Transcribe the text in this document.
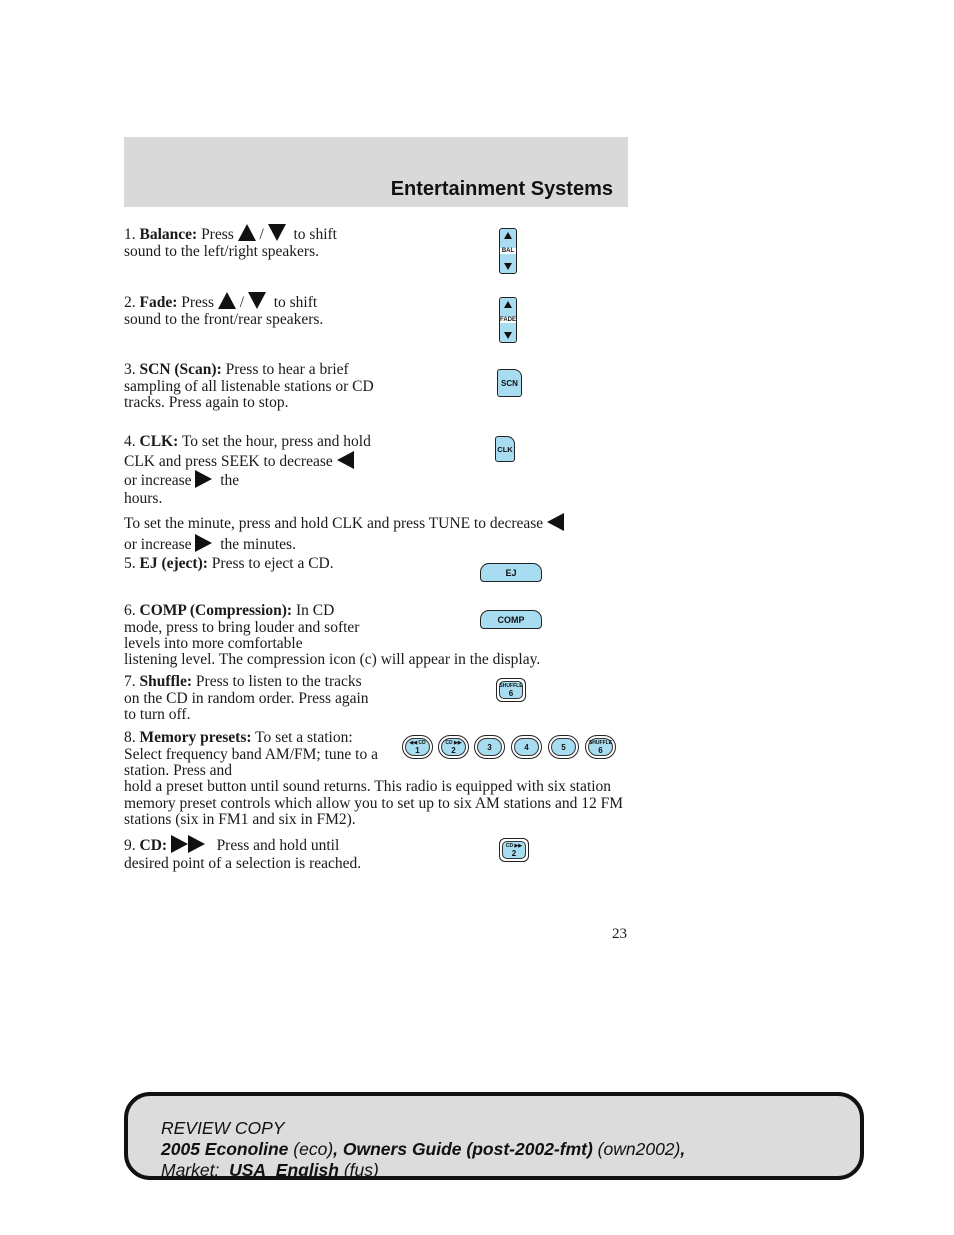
Entertainment Systems
1. Balance: Press / to shift
sound to the left/right speakers.	BAL
2. Fade: Press / to shift
sound to the front/rear speakers.	FADE
3. SCN (Scan): Press to hear a brief sampling of all listenable stations or CD tracks. Press again to stop.
SCN
4. CLK: To set the hour, press and hold CLK and press SEEK to decrease   or increase the
hours.
CLK
To set the minute, press and hold CLK and press TUNE to decrease
or increase the minutes.
5. EJ (eject): Press to eject a CD.
EJ
6. COMP (Compression): In CD mode, press to bring louder and softer levels into more comfortable
listening level. The compression icon (c) will appear in the display.
COMP
7. Shuffle: Press to listen to the tracks on the CD in random order. Press again to turn off.
SHUFFLE
6
8. Memory presets: To set a station: Select frequency band AM/FM; tune to a station. Press and
hold a preset button until sound returns. This radio is equipped with six station memory preset controls which allow you to set up to six AM stations and 12 FM stations (six in FM1 and six in FM2).
◀◀ CD
1
CD ▶▶
2	3	4	5	SHUFFLE
6
9. CD:	Press and hold until desired point of a selection is reached.
CD ▶▶
2
23
REVIEW COPY
2005 Econoline (eco), Owners Guide (post-2002-fmt) (own2002),
Market: USA_English (fus)
